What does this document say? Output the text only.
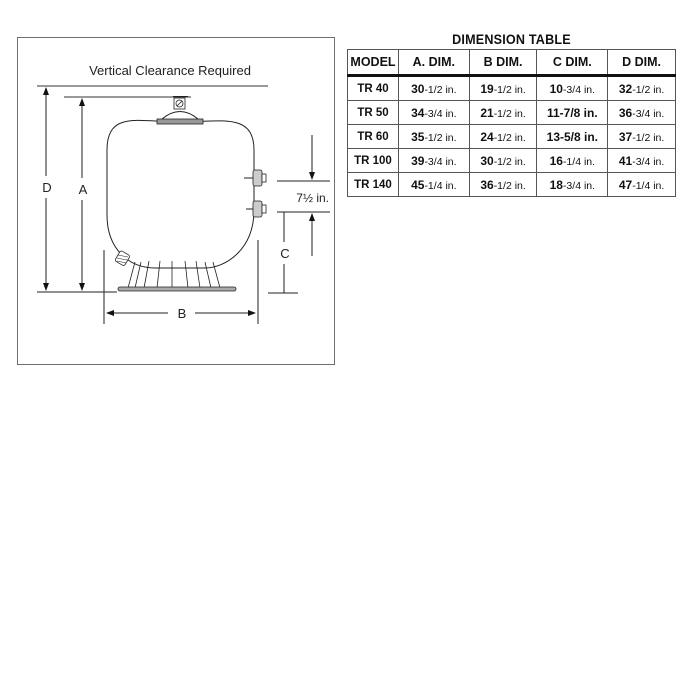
Vertical Clearance Required
D A
B
7½ in.
C
DIMENSION TABLE
MODEL	A. DIM.	B DIM.	C DIM.	D DIM.
TR 40	30-1/2 in.	19-1/2 in.	10-3/4 in.	32-1/2 in.
TR 50	34-3/4 in.	21-1/2 in.	11-7/8 in.	36-3/4 in.
TR 60	35-1/2 in.	24-1/2 in.	13-5/8 in.	37-1/2 in.
TR 100	39-3/4 in.	30-1/2 in.	16-1/4 in.	41-3/4 in.
TR 140	45-1/4 in.	36-1/2 in.	18-3/4 in.	47-1/4 in.
